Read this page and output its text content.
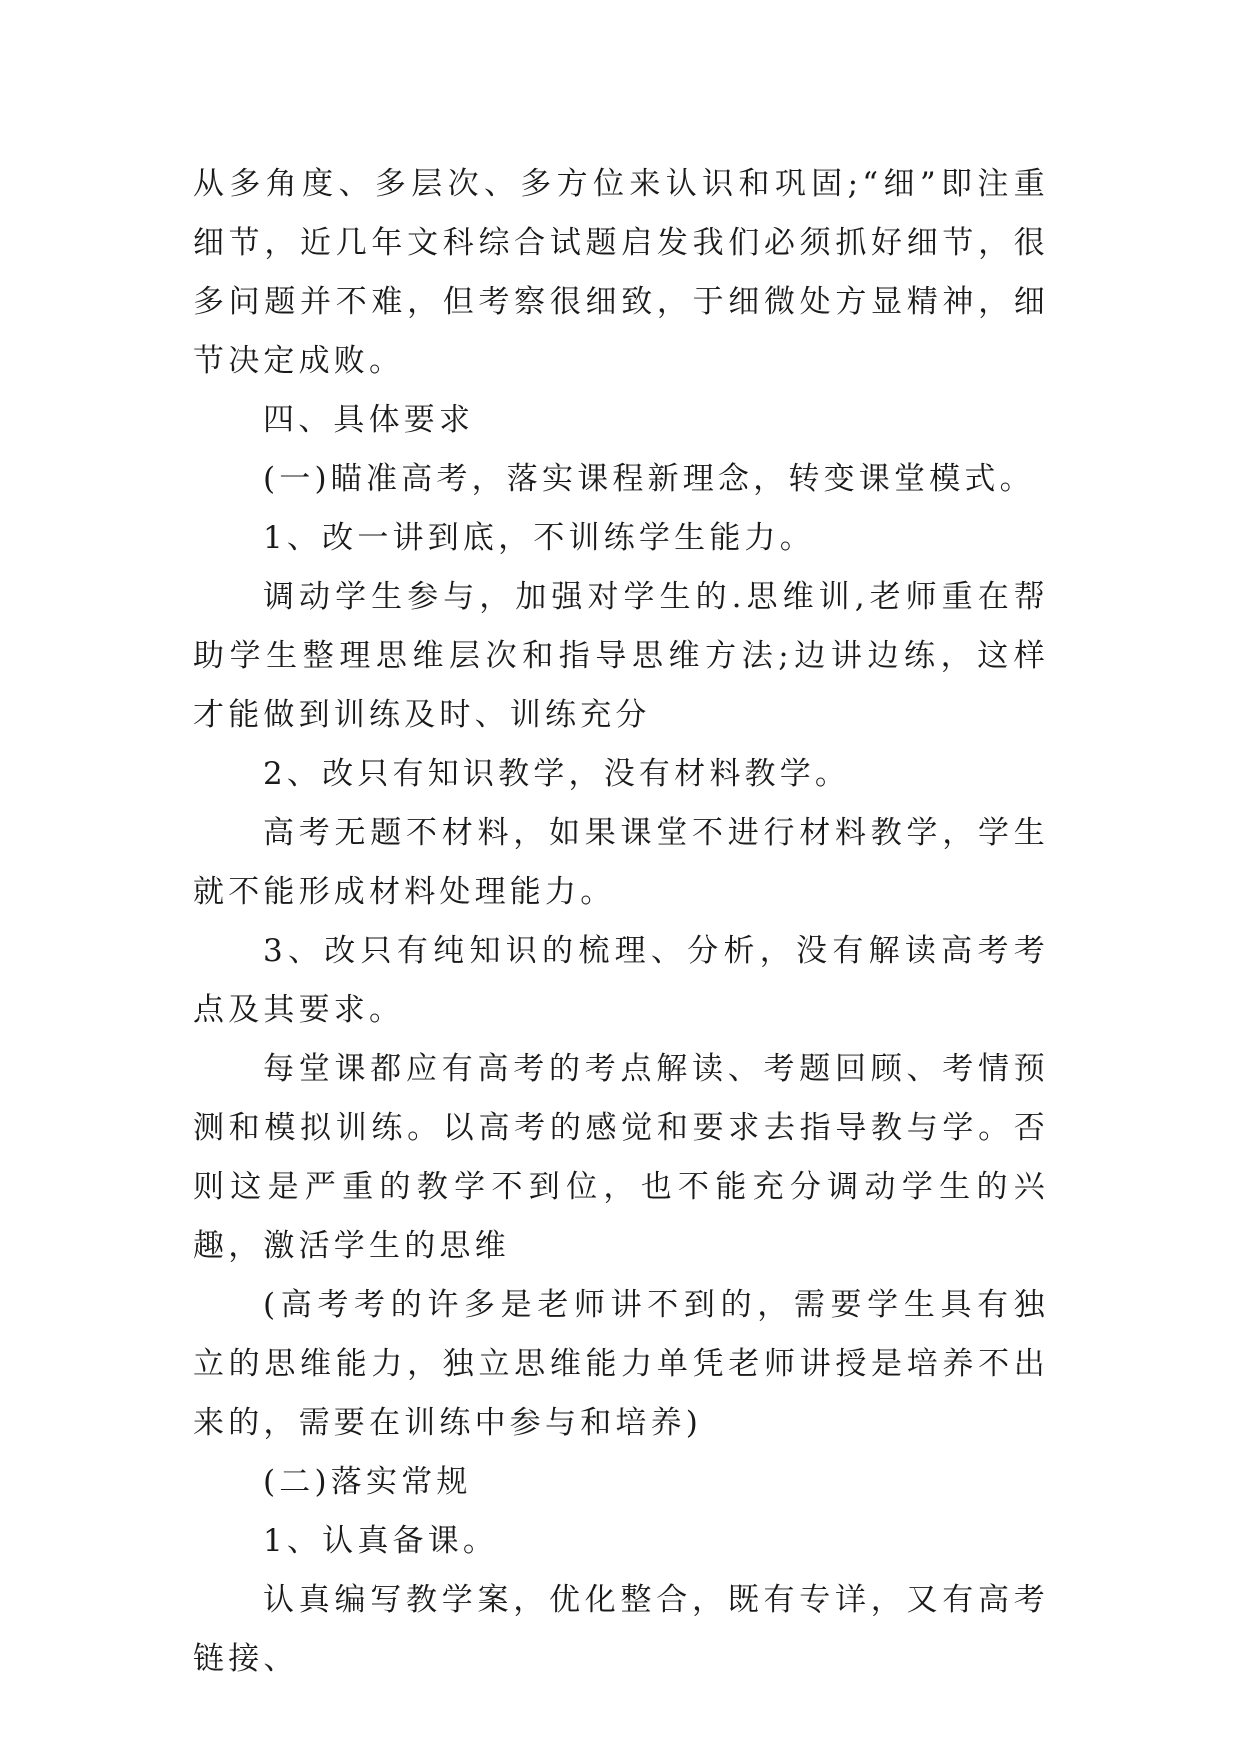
从多角度、多层次、多方位来认识和巩固;“细”即注重细节，近几年文科综合试题启发我们必须抓好细节，很多问题并不难，但考察很细致，于细微处方显精神，细节决定成败。

四、具体要求

(一)瞄准高考，落实课程新理念，转变课堂模式。

1、改一讲到底，不训练学生能力。

调动学生参与，加强对学生的.思维训,老师重在帮助学生整理思维层次和指导思维方法;边讲边练，这样才能做到训练及时、训练充分

2、改只有知识教学，没有材料教学。

高考无题不材料，如果课堂不进行材料教学，学生就不能形成材料处理能力。

3、改只有纯知识的梳理、分析，没有解读高考考点及其要求。

每堂课都应有高考的考点解读、考题回顾、考情预测和模拟训练。以高考的感觉和要求去指导教与学。否则这是严重的教学不到位，也不能充分调动学生的兴趣，激活学生的思维

(高考考的许多是老师讲不到的，需要学生具有独立的思维能力，独立思维能力单凭老师讲授是培养不出来的，需要在训练中参与和培养)

(二)落实常规

1、认真备课。

认真编写教学案，优化整合，既有专详，又有高考链接、
